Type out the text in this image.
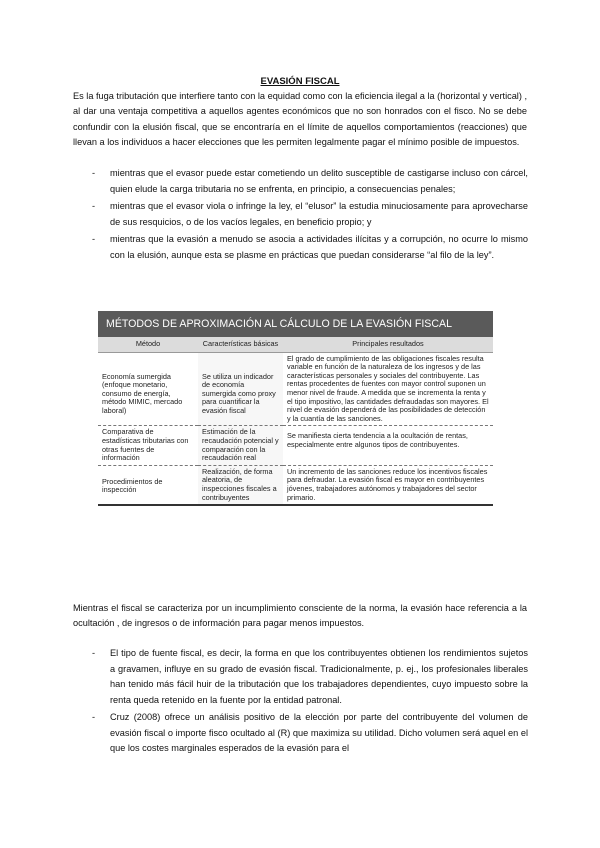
EVASIÓN FISCAL

Es la fuga tributación que interfiere tanto con la equidad como con la eficiencia ilegal a la (horizontal y vertical) , al dar una ventaja competitiva a aquellos agentes económicos que no son honrados con el fisco. No se debe confundir con la elusión fiscal, que se encontraría en el límite de aquellos comportamientos (reacciones) que llevan a los individuos a hacer elecciones que les permiten legalmente pagar el mínimo posible de impuestos.

- mientras que el evasor puede estar cometiendo un delito susceptible de castigarse incluso con cárcel, quien elude la carga tributaria no se enfrenta, en principio, a consecuencias penales;
- mientras que el evasor viola o infringe la ley, el “elusor” la estudia minuciosamente para aprovecharse de sus resquicios, o de los vacíos legales, en beneficio propio; y
- mientras que la evasión a menudo se asocia a actividades ilícitas y a corrupción, no ocurre lo mismo con la elusión, aunque esta se plasme en prácticas que puedan considerarse “al filo de la ley”.
MÉTODOS DE APROXIMACIÓN AL CÁLCULO DE LA EVASIÓN FISCAL
Método	Características básicas	Principales resultados
Economía sumergida (enfoque monetario, consumo de energía, método MIMIC, mercado laboral)	Se utiliza un indicador de economía sumergida como proxy para cuantificar la evasión fiscal	El grado de cumplimiento de las obligaciones fiscales resulta variable en función de la naturaleza de los ingresos y de las características personales y sociales del contribuyente. Las rentas procedentes de fuentes con mayor control suponen un menor nivel de fraude. A medida que se incrementa la renta y el tipo impositivo, las cantidades defraudadas son mayores. El nivel de evasión dependerá de las posibilidades de detección y la cuantía de las sanciones.
Comparativa de estadísticas tributarias con otras fuentes de información	Estimación de la recaudación potencial y comparación con la recaudación real	Se manifiesta cierta tendencia a la ocultación de rentas, especialmente entre algunos tipos de contribuyentes.
Procedimientos de inspección	Realización, de forma aleatoria, de inspecciones fiscales a contribuyentes	Un incremento de las sanciones reduce los incentivos fiscales para defraudar. La evasión fiscal es mayor en contribuyentes jóvenes, trabajadores autónomos y trabajadores del sector primario.

Mientras el fiscal se caracteriza por un incumplimiento consciente de la norma, la evasión hace referencia a la ocultación , de ingresos o de información para pagar menos impuestos.

- El tipo de fuente fiscal, es decir, la forma en que los contribuyentes obtienen los rendimientos sujetos a gravamen, influye en su grado de evasión fiscal. Tradicionalmente, p. ej., los profesionales liberales han tenido más fácil huir de la tributación que los trabajadores dependientes, cuyo impuesto sobre la renta queda retenido en la fuente por la entidad patronal.
- Cruz (2008) ofrece un análisis positivo de la elección por parte del contribuyente del volumen de evasión fiscal o importe fisco ocultado al (R) que maximiza su utilidad. Dicho volumen será aquel en el que los costes marginales esperados de la evasión para el
